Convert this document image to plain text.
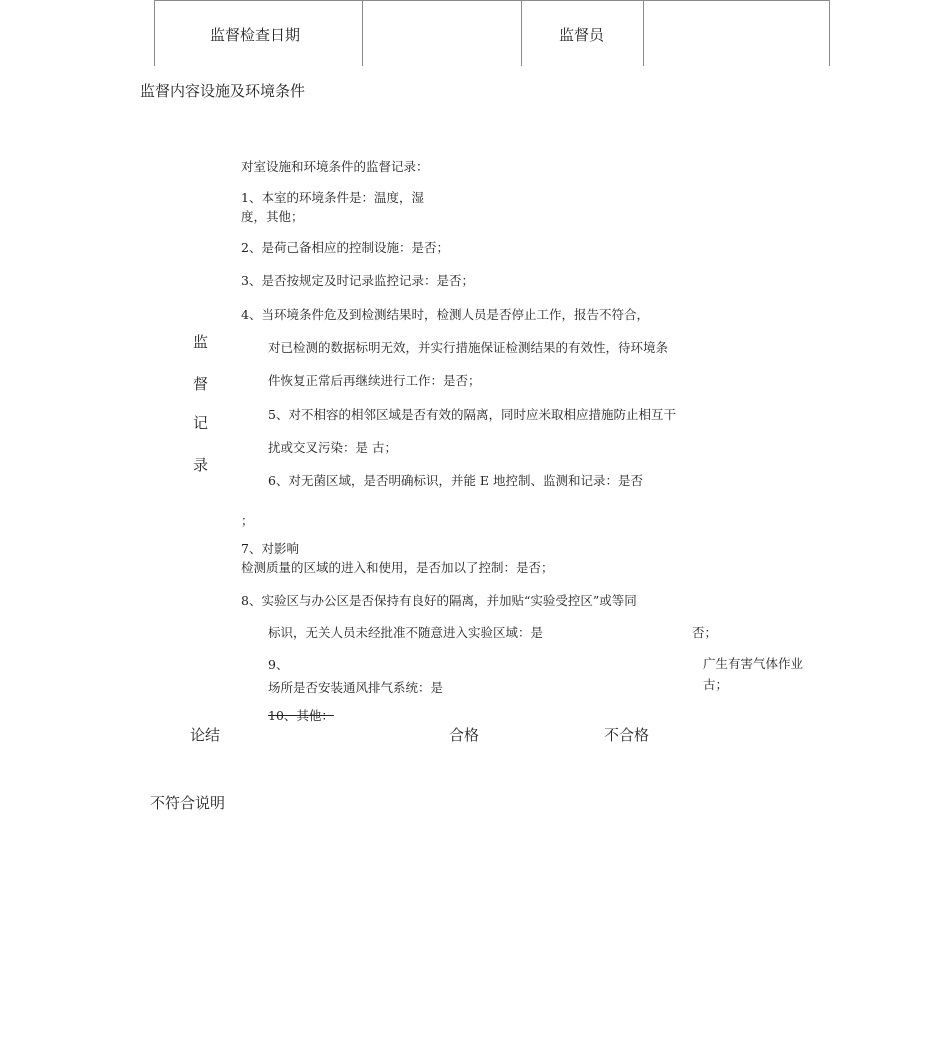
监督检查日期	监督员
监督内容设施及环境条件
监
督
记
录
对室设施和环境条件的监督记录：
1、本室的环境条件是：温度，湿
度，其他；
2、是荷己备相应的控制设施：是否；
3、是否按规定及时记录监控记录：是否；
4、当环境条件危及到检测结果时，检测人员是否停止工作，报告不符合，
对已检测的数据标明无效，并实行措施保证检测结果的有效性，待环境条
件恢复正常后再继续进行工作：是否；
5、对不相容的相邻区域是否有效的隔离，同时应米取相应措施防止相互干
扰或交叉污染：是 古；
6、对无菌区域，是否明确标识，并能 E 地控制、监测和记录：是否
；
7、对影响
检测质量的区域的进入和使用，是否加以了控制：是否；
8、实验区与办公区是否保持有良好的隔离，并加贴“实验受控区”或等同
标识，无关人员未经批准不随意进入实验区域：是	否；
9、
场所是否安装通风排气系统：是
广生有害气体作业
古；
10、其他：
论结	合格	不合格
不符合说明
